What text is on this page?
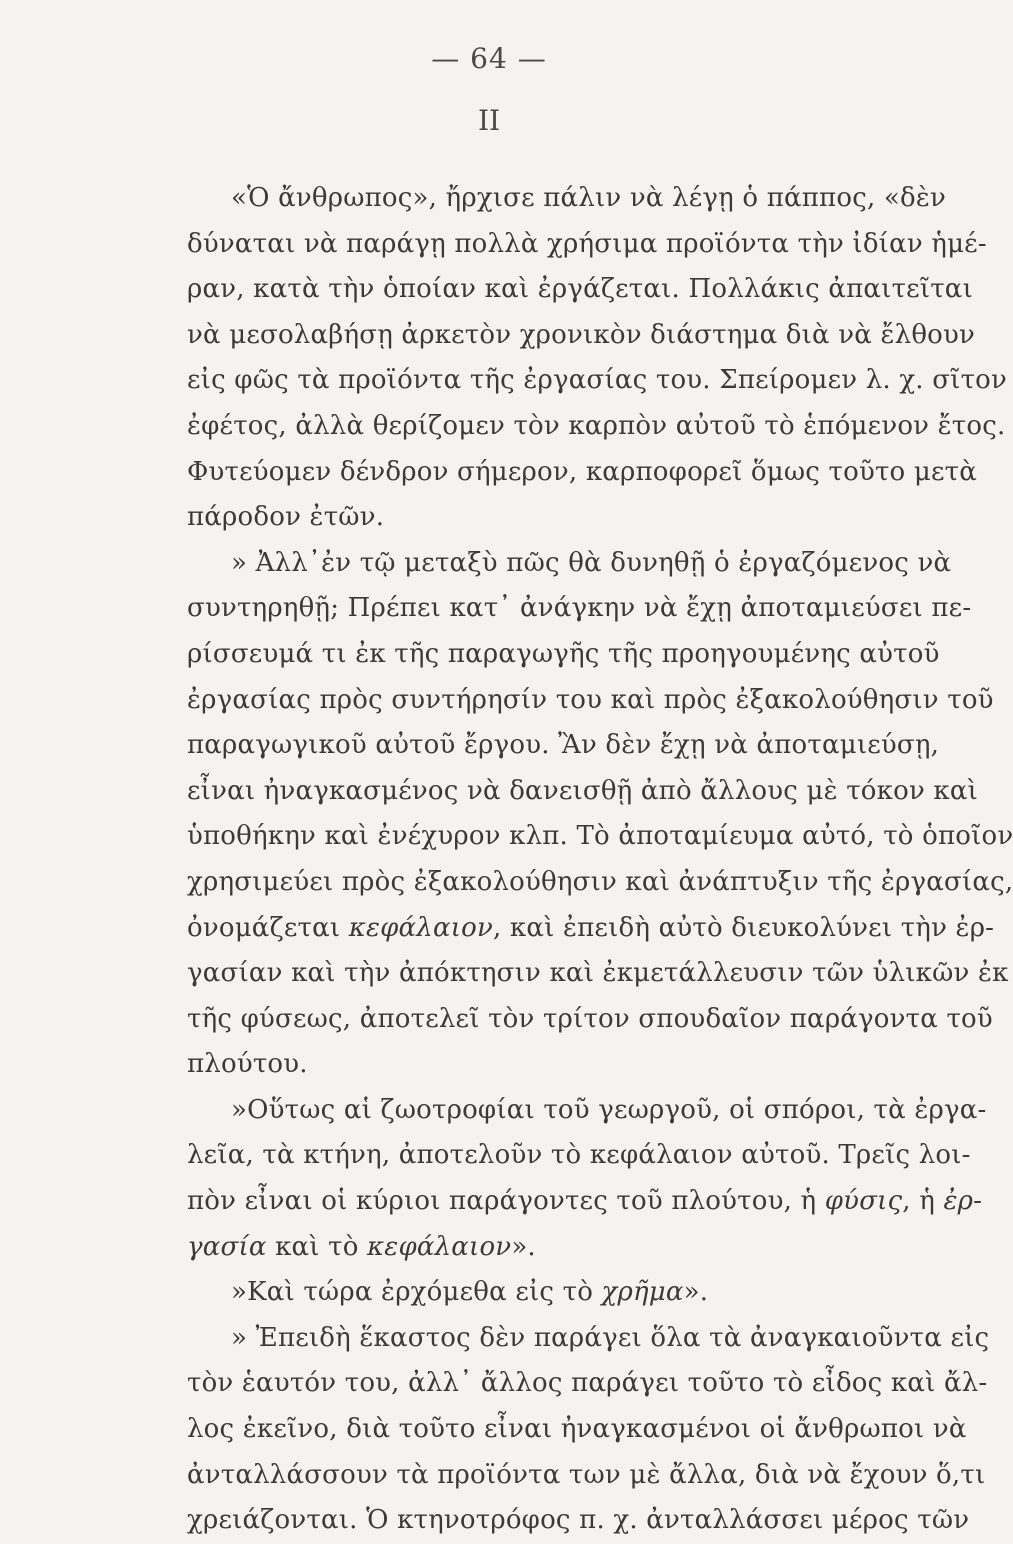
— 64 —
II
«Ὁ ἄνθρωπος», ἤρχισε πάλιν νὰ λέγῃ ὁ πάππος, «δὲν
δύναται νὰ παράγῃ πολλὰ χρήσιμα προϊόντα τὴν ἰδίαν ἡμέ-
ραν, κατὰ τὴν ὁποίαν καὶ ἐργάζεται. Πολλάκις ἀπαιτεῖται
νὰ μεσολαβήσῃ ἀρκετὸν χρονικὸν διάστημα διὰ νὰ ἔλθουν
εἰς φῶς τὰ προϊόντα τῆς ἐργασίας του. Σπείρομεν λ. χ. σῖτον
ἐφέτος, ἀλλὰ θερίζομεν τὸν καρπὸν αὐτοῦ τὸ ἑπόμενον ἔτος.
Φυτεύομεν δένδρον σήμερον, καρποφορεῖ ὅμως τοῦτο μετὰ
πάροδον ἐτῶν.
» Ἀλλ᾽ἐν τῷ μεταξὺ πῶς θὰ δυνηθῇ ὁ ἐργαζόμενος νὰ
συντηρηθῇ; Πρέπει κατ᾽ ἀνάγκην νὰ ἔχῃ ἀποταμιεύσει πε-
ρίσσευμά τι ἐκ τῆς παραγωγῆς τῆς προηγουμένης αὐτοῦ
ἐργασίας πρὸς συντήρησίν του καὶ πρὸς ἐξακολούθησιν τοῦ
παραγωγικοῦ αὐτοῦ ἔργου. Ἂν δὲν ἔχῃ νὰ ἀποταμιεύσῃ,
εἶναι ἠναγκασμένος νὰ δανεισθῇ ἀπὸ ἄλλους μὲ τόκον καὶ
ὑποθήκην καὶ ἐνέχυρον κλπ. Τὸ ἀποταμίευμα αὐτό, τὸ ὁποῖον
χρησιμεύει πρὸς ἐξακολούθησιν καὶ ἀνάπτυξιν τῆς ἐργασίας,
ὀνομάζεται κεφάλαιον, καὶ ἐπειδὴ αὐτὸ διευκολύνει τὴν ἐρ-
γασίαν καὶ τὴν ἀπόκτησιν καὶ ἐκμετάλλευσιν τῶν ὑλικῶν ἐκ
τῆς φύσεως, ἀποτελεῖ τὸν τρίτον σπουδαῖον παράγοντα τοῦ
πλούτου.
»Οὕτως αἱ ζωοτροφίαι τοῦ γεωργοῦ, οἱ σπόροι, τὰ ἐργα-
λεῖα, τὰ κτήνη, ἀποτελοῦν τὸ κεφάλαιον αὐτοῦ. Τρεῖς λοι-
πὸν εἶναι οἱ κύριοι παράγοντες τοῦ πλούτου, ἡ φύσις, ἡ ἐρ-
γασία καὶ τὸ κεφάλαιον».
»Καὶ τώρα ἐρχόμεθα εἰς τὸ χρῆμα».
» Ἐπειδὴ ἕκαστος δὲν παράγει ὅλα τὰ ἀναγκαιοῦντα εἰς
τὸν ἑαυτόν του, ἀλλ᾽ ἄλλος παράγει τοῦτο τὸ εἶδος καὶ ἄλ-
λος ἐκεῖνο, διὰ τοῦτο εἶναι ἠναγκασμένοι οἱ ἄνθρωποι νὰ
ἀνταλλάσσουν τὰ προϊόντα των μὲ ἄλλα, διὰ νὰ ἔχουν ὅ,τι
χρειάζονται. Ὁ κτηνοτρόφος π. χ. ἀνταλλάσσει μέρος τῶν
